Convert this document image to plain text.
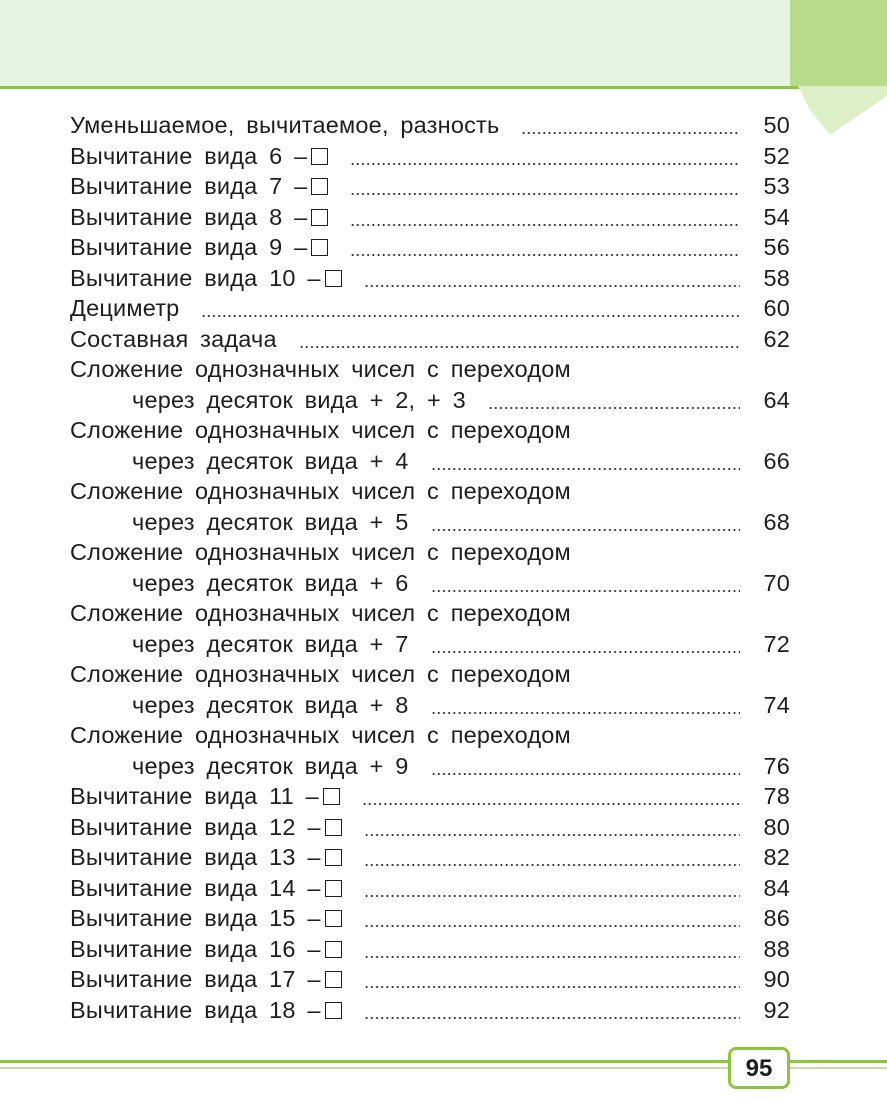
Уменьшаемое, вычитаемое, разность	50
Вычитание вида 6 –	52
Вычитание вида 7 –	53
Вычитание вида 8 –	54
Вычитание вида 9 –	56
Вычитание вида 10 –	58
Дециметр	60
Составная задача	62
Сложение однозначных чисел с переходом
через десяток вида + 2, + 3	64
Сложение однозначных чисел с переходом
через десяток вида + 4	66
Сложение однозначных чисел с переходом
через десяток вида + 5	68
Сложение однозначных чисел с переходом
через десяток вида + 6	70
Сложение однозначных чисел с переходом
через десяток вида + 7	72
Сложение однозначных чисел с переходом
через десяток вида + 8	74
Сложение однозначных чисел с переходом
через десяток вида + 9	76
Вычитание вида 11 –	78
Вычитание вида 12 –	80
Вычитание вида 13 –	82
Вычитание вида 14 –	84
Вычитание вида 15 –	86
Вычитание вида 16 –	88
Вычитание вида 17 –	90
Вычитание вида 18 –	92
95
